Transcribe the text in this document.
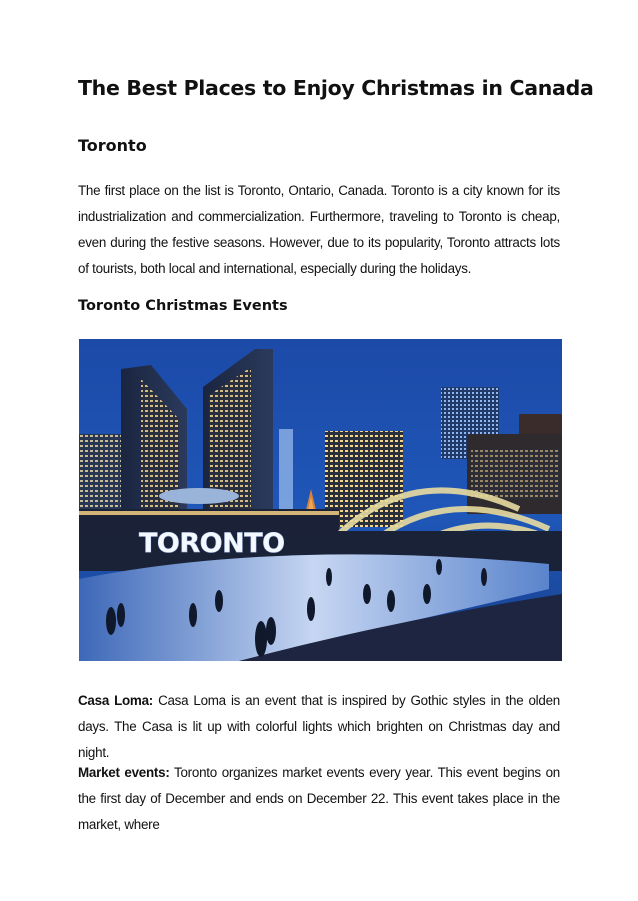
The Best Places to Enjoy Christmas in Canada
Toronto

The first place on the list is Toronto, Ontario, Canada. Toronto is a city known for its industrialization and commercialization. Furthermore, traveling to Toronto is cheap, even during the festive seasons. However, due to its popularity, Toronto attracts lots of tourists, both local and international, especially during the holidays.

Toronto Christmas Events
TORONTO

Casa Loma: Casa Loma is an event that is inspired by Gothic styles in the olden days. The Casa is lit up with colorful lights which brighten on Christmas day and night.

Market events: Toronto organizes market events every year. This event begins on the first day of December and ends on December 22. This event takes place in the market, where
